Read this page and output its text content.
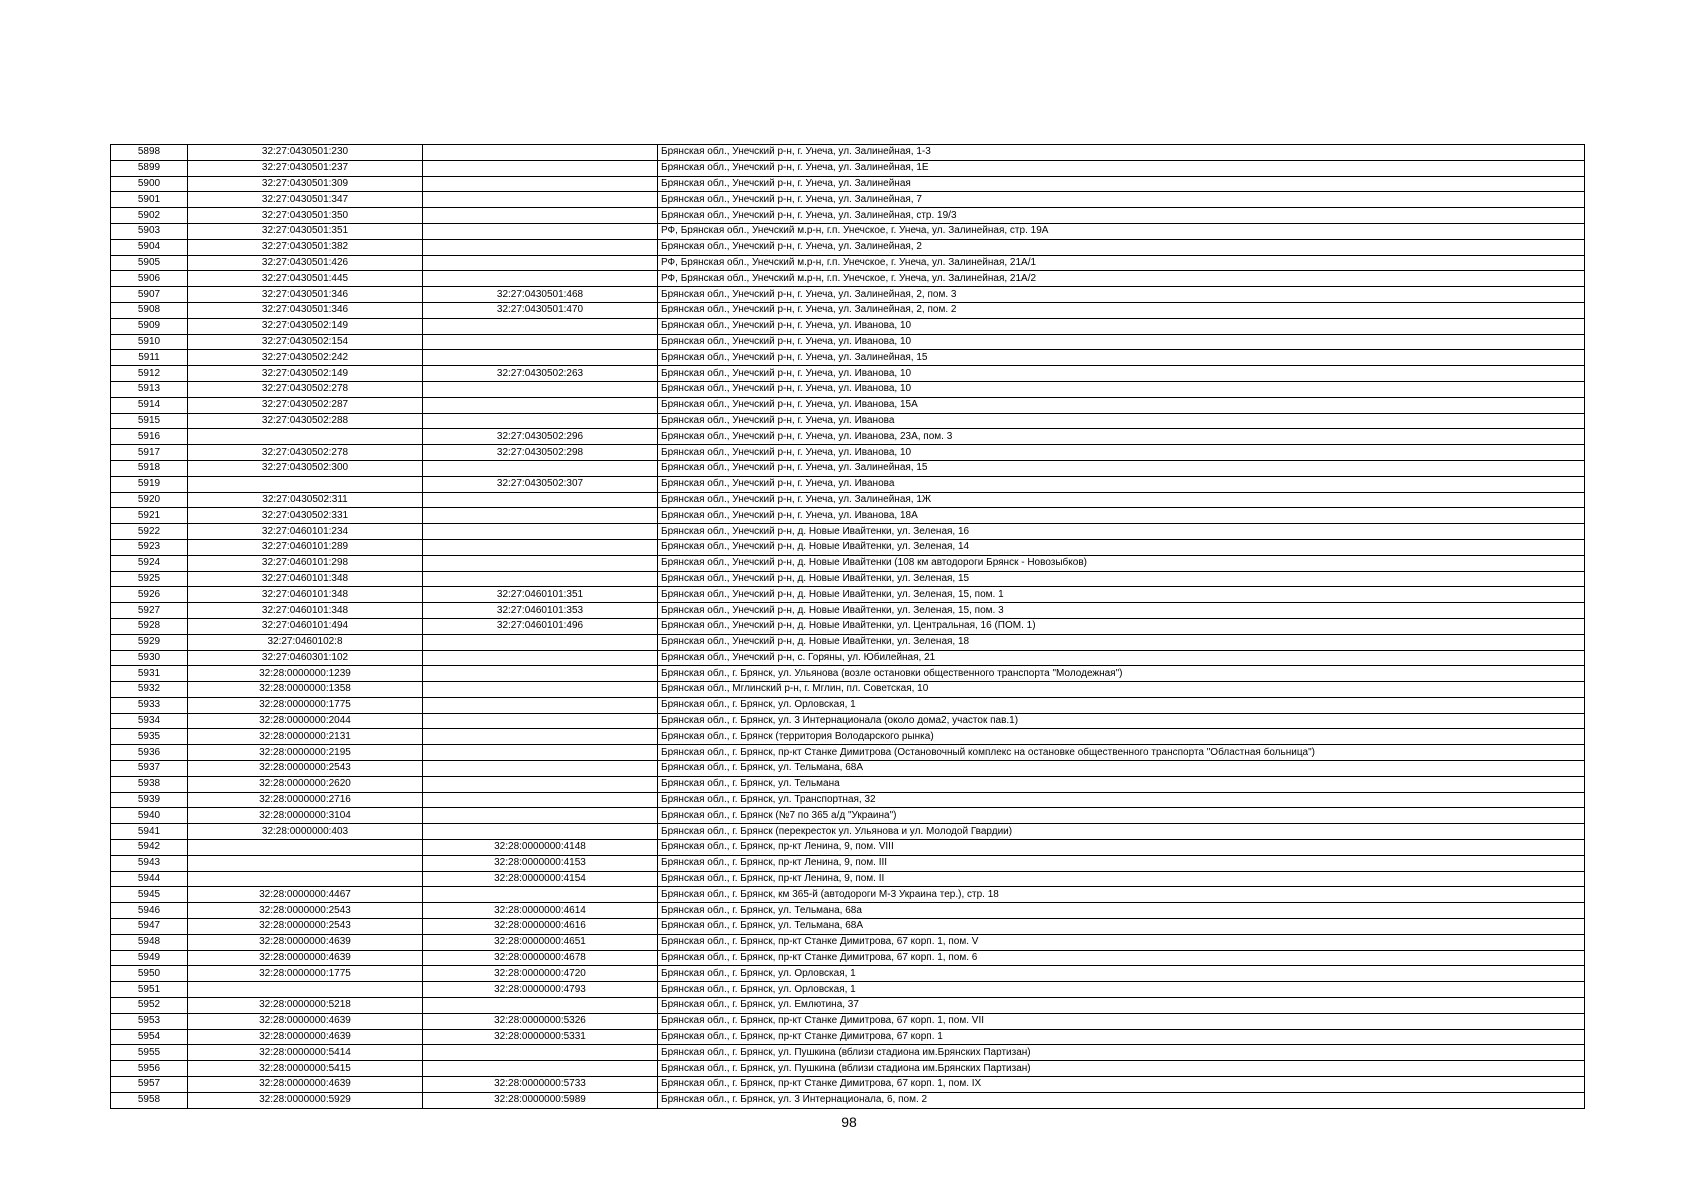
5898	32:27:0430501:230		Брянская обл., Унечский р-н, г. Унеча, ул. Залинейная, 1-3
5899	32:27:0430501:237		Брянская обл., Унечский р-н, г. Унеча, ул. Залинейная, 1Е
5900	32:27:0430501:309		Брянская обл., Унечский р-н, г. Унеча, ул. Залинейная
5901	32:27:0430501:347		Брянская обл., Унечский р-н, г. Унеча, ул. Залинейная, 7
5902	32:27:0430501:350		Брянская обл., Унечский р-н, г. Унеча, ул. Залинейная, стр. 19/3
5903	32:27:0430501:351		РФ, Брянская обл., Унечский м.р-н, г.п. Унечское, г. Унеча, ул. Залинейная, стр. 19А
5904	32:27:0430501:382		Брянская обл., Унечский р-н, г. Унеча, ул. Залинейная, 2
5905	32:27:0430501:426		РФ, Брянская обл., Унечский м.р-н, г.п. Унечское, г. Унеча, ул. Залинейная, 21А/1
5906	32:27:0430501:445		РФ, Брянская обл., Унечский м.р-н, г.п. Унечское, г. Унеча, ул. Залинейная, 21А/2
5907	32:27:0430501:346	32:27:0430501:468	Брянская обл., Унечский р-н, г. Унеча, ул. Залинейная, 2, пом. 3
5908	32:27:0430501:346	32:27:0430501:470	Брянская обл., Унечский р-н, г. Унеча, ул. Залинейная, 2, пом. 2
5909	32:27:0430502:149		Брянская обл., Унечский р-н, г. Унеча, ул. Иванова, 10
5910	32:27:0430502:154		Брянская обл., Унечский р-н, г. Унеча, ул. Иванова, 10
5911	32:27:0430502:242		Брянская обл., Унечский р-н, г. Унеча, ул. Залинейная, 15
5912	32:27:0430502:149	32:27:0430502:263	Брянская обл., Унечский р-н, г. Унеча, ул. Иванова, 10
5913	32:27:0430502:278		Брянская обл., Унечский р-н, г. Унеча, ул. Иванова, 10
5914	32:27:0430502:287		Брянская обл., Унечский р-н, г. Унеча, ул. Иванова, 15А
5915	32:27:0430502:288		Брянская обл., Унечский р-н, г. Унеча, ул. Иванова
5916		32:27:0430502:296	Брянская обл., Унечский р-н, г. Унеча, ул. Иванова, 23А, пом. 3
5917	32:27:0430502:278	32:27:0430502:298	Брянская обл., Унечский р-н, г. Унеча, ул. Иванова, 10
5918	32:27:0430502:300		Брянская обл., Унечский р-н, г. Унеча, ул. Залинейная, 15
5919		32:27:0430502:307	Брянская обл., Унечский р-н, г. Унеча, ул. Иванова
5920	32:27:0430502:311		Брянская обл., Унечский р-н, г. Унеча, ул. Залинейная, 1Ж
5921	32:27:0430502:331		Брянская обл., Унечский р-н, г. Унеча, ул. Иванова, 18А
5922	32:27:0460101:234		Брянская обл., Унечский р-н, д. Новые Ивайтенки, ул. Зеленая, 16
5923	32:27:0460101:289		Брянская обл., Унечский р-н, д. Новые Ивайтенки, ул. Зеленая, 14
5924	32:27:0460101:298		Брянская обл., Унечский р-н, д. Новые Ивайтенки (108 км автодороги Брянск - Новозыбков)
5925	32:27:0460101:348		Брянская обл., Унечский р-н, д. Новые Ивайтенки, ул. Зеленая, 15
5926	32:27:0460101:348	32:27:0460101:351	Брянская обл., Унечский р-н, д. Новые Ивайтенки, ул. Зеленая, 15, пом. 1
5927	32:27:0460101:348	32:27:0460101:353	Брянская обл., Унечский р-н, д. Новые Ивайтенки, ул. Зеленая, 15, пом. 3
5928	32:27:0460101:494	32:27:0460101:496	Брянская обл., Унечский р-н, д. Новые Ивайтенки, ул. Центральная, 16 (ПОМ. 1)
5929	32:27:0460102:8		Брянская обл., Унечский р-н, д. Новые Ивайтенки, ул. Зеленая, 18
5930	32:27:0460301:102		Брянская обл., Унечский р-н, с. Горяны, ул. Юбилейная, 21
5931	32:28:0000000:1239		Брянская обл., г. Брянск, ул. Ульянова (возле остановки общественного транспорта "Молодежная")
5932	32:28:0000000:1358		Брянская обл., Мглинский р-н, г. Мглин, пл. Советская, 10
5933	32:28:0000000:1775		Брянская обл., г. Брянск, ул. Орловская, 1
5934	32:28:0000000:2044		Брянская обл., г. Брянск, ул. 3 Интернационала (около дома2, участок пав.1)
5935	32:28:0000000:2131		Брянская обл., г. Брянск (территория Володарского рынка)
5936	32:28:0000000:2195		Брянская обл., г. Брянск, пр-кт Станке Димитрова (Остановочный комплекс на остановке общественного транспорта "Областная больница")
5937	32:28:0000000:2543		Брянская обл., г. Брянск, ул. Тельмана, 68А
5938	32:28:0000000:2620		Брянская обл., г. Брянск, ул. Тельмана
5939	32:28:0000000:2716		Брянская обл., г. Брянск, ул. Транспортная, 32
5940	32:28:0000000:3104		Брянская обл., г. Брянск (№7 по 365 а/д "Украина")
5941	32:28:0000000:403		Брянская обл., г. Брянск (перекресток ул. Ульянова и ул. Молодой Гвардии)
5942		32:28:0000000:4148	Брянская обл., г. Брянск, пр-кт Ленина, 9, пом. VIII
5943		32:28:0000000:4153	Брянская обл., г. Брянск, пр-кт Ленина, 9, пом. III
5944		32:28:0000000:4154	Брянская обл., г. Брянск, пр-кт Ленина, 9, пом. II
5945	32:28:0000000:4467		Брянская обл., г. Брянск, км 365-й (автодороги М-3 Украина тер.), стр. 18
5946	32:28:0000000:2543	32:28:0000000:4614	Брянская обл., г. Брянск, ул. Тельмана, 68а
5947	32:28:0000000:2543	32:28:0000000:4616	Брянская обл., г. Брянск, ул. Тельмана, 68А
5948	32:28:0000000:4639	32:28:0000000:4651	Брянская обл., г. Брянск, пр-кт Станке Димитрова, 67 корп. 1, пом. V
5949	32:28:0000000:4639	32:28:0000000:4678	Брянская обл., г. Брянск, пр-кт Станке Димитрова, 67 корп. 1, пом. 6
5950	32:28:0000000:1775	32:28:0000000:4720	Брянская обл., г. Брянск, ул. Орловская, 1
5951		32:28:0000000:4793	Брянская обл., г. Брянск, ул. Орловская, 1
5952	32:28:0000000:5218		Брянская обл., г. Брянск, ул. Емлютина, 37
5953	32:28:0000000:4639	32:28:0000000:5326	Брянская обл., г. Брянск, пр-кт Станке Димитрова, 67 корп. 1, пом. VII
5954	32:28:0000000:4639	32:28:0000000:5331	Брянская обл., г. Брянск, пр-кт Станке Димитрова, 67 корп. 1
5955	32:28:0000000:5414		Брянская обл., г. Брянск, ул. Пушкина (вблизи стадиона им.Брянских Партизан)
5956	32:28:0000000:5415		Брянская обл., г. Брянск, ул. Пушкина (вблизи стадиона им.Брянских Партизан)
5957	32:28:0000000:4639	32:28:0000000:5733	Брянская обл., г. Брянск, пр-кт Станке Димитрова, 67 корп. 1, пом. IX
5958	32:28:0000000:5929	32:28:0000000:5989	Брянская обл., г. Брянск, ул. 3 Интернационала, 6, пом. 2
98
